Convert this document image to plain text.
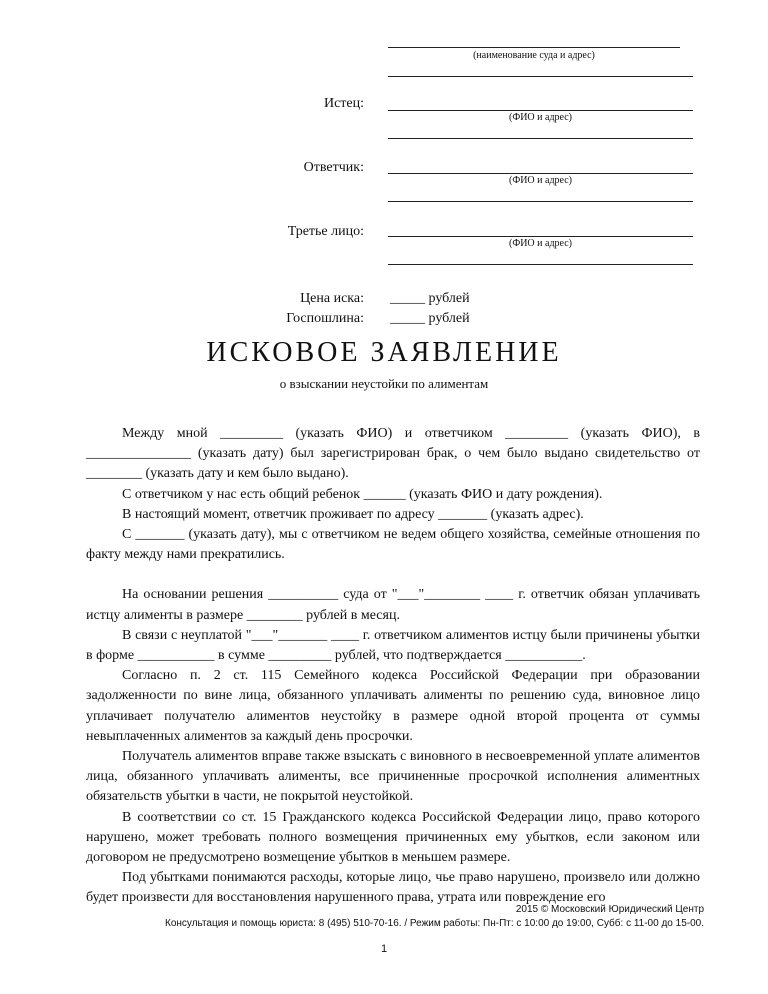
(наименование суда и адрес)
Истец:
(ФИО и адрес)
Ответчик:
(ФИО и адрес)
Третье лицо:
(ФИО и адрес)
Цена иска: _____ рублей
Госпошлина: _____ рублей
ИСКОВОЕ ЗАЯВЛЕНИЕ
о взыскании неустойки по алиментам

Между мной _________ (указать ФИО) и ответчиком _________ (указать ФИО), в _______________ (указать дату) был зарегистрирован брак, о чем было выдано свидетельство от ________ (указать дату и кем было выдано).

С ответчиком у нас есть общий ребенок ______ (указать ФИО и дату рождения).

В настоящий момент, ответчик проживает по адресу _______ (указать адрес).

С _______ (указать дату), мы с ответчиком не ведем общего хозяйства, семейные отношения по факту между нами прекратились.

На основании решения __________ суда от "___"________ ____ г. ответчик обязан уплачивать истцу алименты в размере ________ рублей в месяц.

В связи с неуплатой "___"_______ ____ г. ответчиком алиментов истцу были причинены убытки в форме ___________ в сумме _________ рублей, что подтверждается ___________.

Согласно п. 2 ст. 115 Семейного кодекса Российской Федерации при образовании задолженности по вине лица, обязанного уплачивать алименты по решению суда, виновное лицо уплачивает получателю алиментов неустойку в размере одной второй процента от суммы невыплаченных алиментов за каждый день просрочки.

Получатель алиментов вправе также взыскать с виновного в несвоевременной уплате алиментов лица, обязанного уплачивать алименты, все причиненные просрочкой исполнения алиментных обязательств убытки в части, не покрытой неустойкой.

В соответствии со ст. 15 Гражданского кодекса Российской Федерации лицо, право которого нарушено, может требовать полного возмещения причиненных ему убытков, если законом или договором не предусмотрено возмещение убытков в меньшем размере.

Под убытками понимаются расходы, которые лицо, чье право нарушено, произвело или должно будет произвести для восстановления нарушенного права, утрата или повреждение его

2015 © Московский Юридический Центр
Консультация и помощь юриста: 8 (495) 510-70-16. / Режим работы: Пн-Пт: с 10:00 до 19:00, Субб: с 11-00 до 15-00.
1
